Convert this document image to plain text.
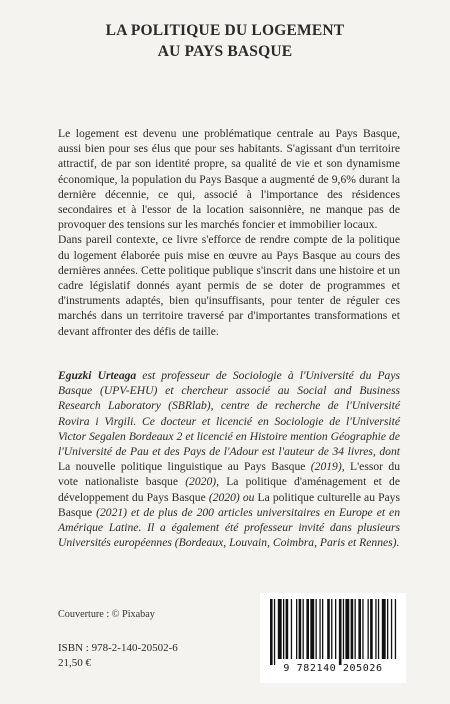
LA POLITIQUE DU LOGEMENT
AU PAYS BASQUE

Le logement est devenu une problématique centrale au Pays Basque, aussi bien pour ses élus que pour ses habitants. S'agissant d'un territoire attractif, de par son identité propre, sa qualité de vie et son dynamisme économique, la population du Pays Basque a augmenté de 9,6% durant la dernière décennie, ce qui, associé à l'importance des résidences secondaires et à l'essor de la location saisonnière, ne manque pas de provoquer des tensions sur les marchés foncier et immobilier locaux.

Dans pareil contexte, ce livre s'efforce de rendre compte de la politique du logement élaborée puis mise en œuvre au Pays Basque au cours des dernières années. Cette politique publique s'inscrit dans une histoire et un cadre législatif donnés ayant permis de se doter de programmes et d'instruments adaptés, bien qu'insuffisants, pour tenter de réguler ces marchés dans un territoire traversé par d'importantes transformations et devant affronter des défis de taille.

Eguzki Urteaga est professeur de Sociologie à l'Université du Pays Basque (UPV-EHU) et chercheur associé au Social and Business Research Laboratory (SBRlab), centre de recherche de l'Université Rovira i Virgili. Ce docteur et licencié en Sociologie de l'Université Victor Segalen Bordeaux 2 et licencié en Histoire mention Géographie de l'Université de Pau et des Pays de l'Adour est l'auteur de 34 livres, dont La nouvelle politique linguistique au Pays Basque (2019), L'essor du vote nationaliste basque (2020), La politique d'aménagement et de développement du Pays Basque (2020) ou La politique culturelle au Pays Basque (2021) et de plus de 200 articles universitaires en Europe et en Amérique Latine. Il a également été professeur invité dans plusieurs Universités européennes (Bordeaux, Louvain, Coimbra, Paris et Rennes).

Couverture : © Pixabay
ISBN : 978-2-140-20502-6
21,50 €	9 782140 205026
